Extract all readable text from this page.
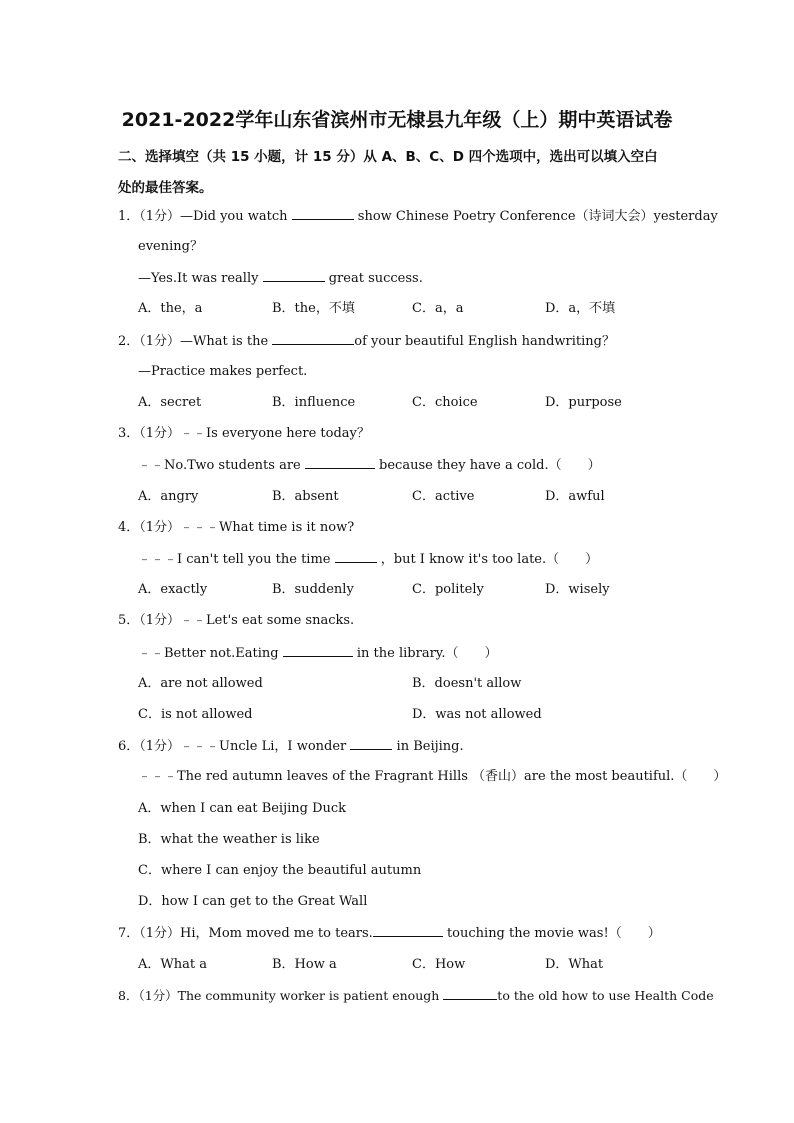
2021-2022学年山东省滨州市无棣县九年级（上）期中英语试卷
二、选择填空（共 15 小题，计 15 分）从 A、B、C、D 四个选项中，选出可以填入空白
处的最佳答案。
1．（1分）—Did you watch	show Chinese Poetry Conference（诗词大会）yesterday
evening？
—Yes.It was really	great success.
A．the，a	B．the，不填	C．a，a	D．a，不填
2．（1分）—What is the	of your beautiful English handwriting？
—Practice makes perfect.
A．secret	B．influence	C．choice	D．purpose
3．（1分）﹣﹣Is everyone here today？
﹣﹣No.Two students are	because they have a cold.（ ）
A．angry	B．absent	C．active	D．awful
4．（1分）﹣﹣﹣What time is it now?
﹣﹣﹣I can't tell you the time	，but I know it's too late.（ ）
A．exactly	B．suddenly	C．politely	D．wisely
5．（1分）﹣﹣Let's eat some snacks.
﹣﹣Better not.Eating	in the library.（ ）
A．are not allowed	B．doesn't allow
C．is not allowed	D．was not allowed
6．（1分）﹣﹣﹣Uncle Li，I wonder	in Beijing.
﹣﹣﹣The red autumn leaves of the Fragrant Hills （香山）are the most beautiful.（ ）
A．when I can eat Beijing Duck
B．what the weather is like
C．where I can enjoy the beautiful autumn
D．how I can get to the Great Wall
7．（1分）Hi，Mom moved me to tears.	touching the movie was!（ ）
A．What a	B．How a	C．How	D．What
8．（1分）The community worker is patient enough	to the old how to use Health Code
